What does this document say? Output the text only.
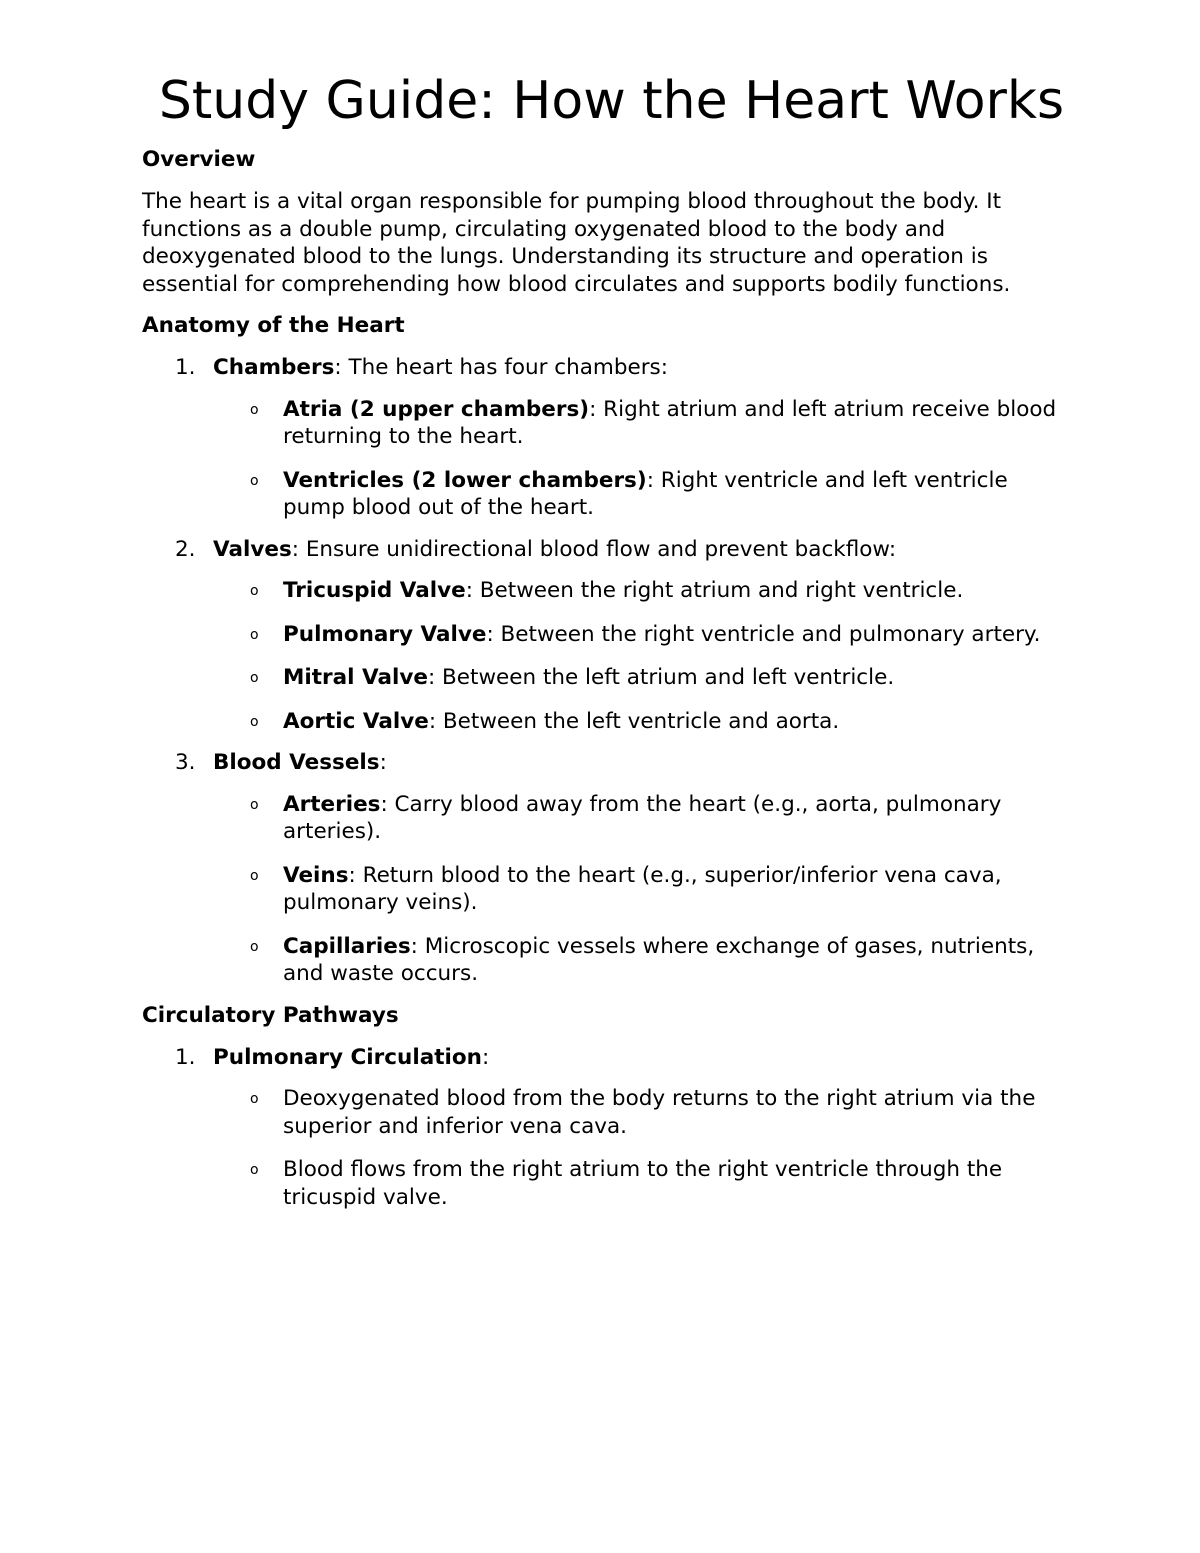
Study Guide: How the Heart Works
Overview

The heart is a vital organ responsible for pumping blood throughout the body. It functions as a double pump, circulating oxygenated blood to the body and deoxygenated blood to the lungs. Understanding its structure and operation is essential for comprehending how blood circulates and supports bodily functions.

Anatomy of the Heart
1. Chambers: The heart has four chambers:
o Atria (2 upper chambers): Right atrium and left atrium receive blood returning to the heart.
o Ventricles (2 lower chambers): Right ventricle and left ventricle pump blood out of the heart.
2. Valves: Ensure unidirectional blood flow and prevent backflow:
o Tricuspid Valve: Between the right atrium and right ventricle.
o Pulmonary Valve: Between the right ventricle and pulmonary artery.
o Mitral Valve: Between the left atrium and left ventricle.
o Aortic Valve: Between the left ventricle and aorta.
3. Blood Vessels:
o Arteries: Carry blood away from the heart (e.g., aorta, pulmonary arteries).
o Veins: Return blood to the heart (e.g., superior/inferior vena cava, pulmonary veins).
o Capillaries: Microscopic vessels where exchange of gases, nutrients, and waste occurs.
Circulatory Pathways
1. Pulmonary Circulation:
o Deoxygenated blood from the body returns to the right atrium via the superior and inferior vena cava.
o Blood flows from the right atrium to the right ventricle through the tricuspid valve.
